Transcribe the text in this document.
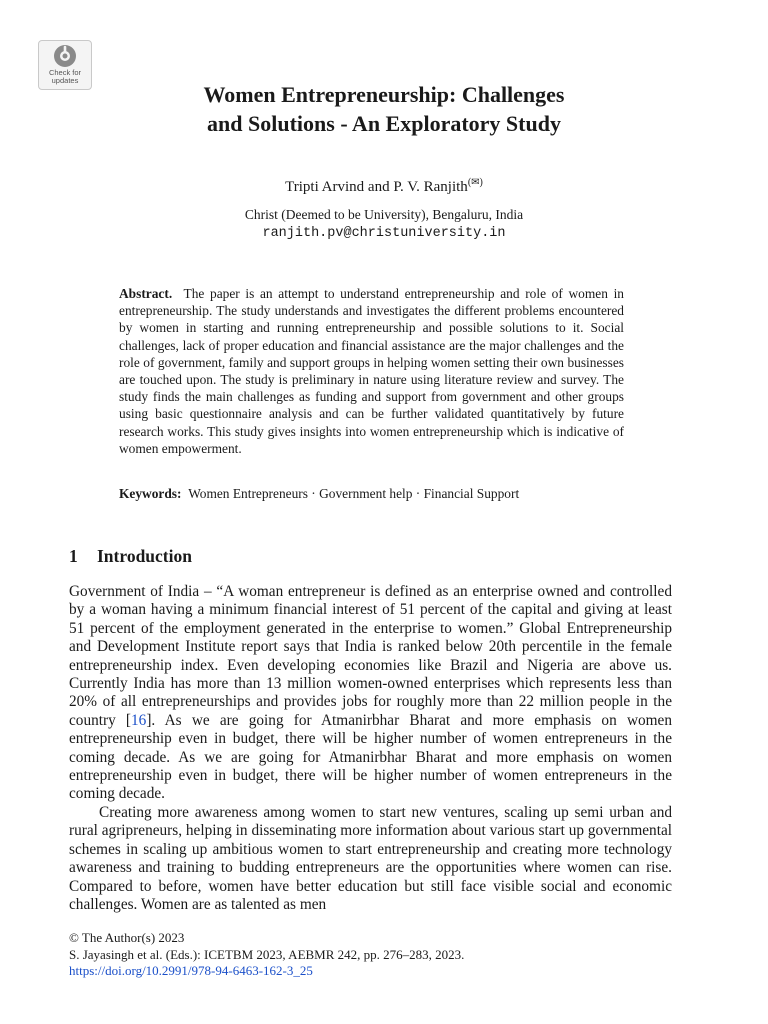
Check for
updates
Women Entrepreneurship: Challenges
and Solutions - An Exploratory Study
Tripti Arvind and P. V. Ranjith(✉)
Christ (Deemed to be University), Bengaluru, India
ranjith.pv@christuniversity.in

Abstract. The paper is an attempt to understand entrepreneurship and role of women in entrepreneurship. The study understands and investigates the different problems encountered by women in starting and running entrepreneurship and possible solutions to it. Social challenges, lack of proper education and financial assistance are the major challenges and the role of government, family and support groups in helping women setting their own businesses are touched upon. The study is preliminary in nature using literature review and survey. The study finds the main challenges as funding and support from government and other groups using basic questionnaire analysis and can be further validated quantitatively by future research works. This study gives insights into women entrepreneurship which is indicative of women empowerment.

Keywords: Women Entrepreneurs · Government help · Financial Support

1 Introduction

Government of India – “A woman entrepreneur is defined as an enterprise owned and controlled by a woman having a minimum financial interest of 51 percent of the capital and giving at least 51 percent of the employment generated in the enterprise to women.” Global Entrepreneurship and Development Institute report says that India is ranked below 20th percentile in the female entrepreneurship index. Even developing economies like Brazil and Nigeria are above us. Currently India has more than 13 million women-owned enterprises which represents less than 20% of all entrepreneurships and provides jobs for roughly more than 22 million people in the country [16]. As we are going for Atmanirbhar Bharat and more emphasis on women entrepreneurship even in budget, there will be higher number of women entrepreneurs in the coming decade. As we are going for Atmanirbhar Bharat and more emphasis on women entrepreneurship even in budget, there will be higher number of women entrepreneurs in the coming decade.

Creating more awareness among women to start new ventures, scaling up semi urban and rural agripreneurs, helping in disseminating more information about various start up governmental schemes in scaling up ambitious women to start entrepreneurship and creating more technology awareness and training to budding entrepreneurs are the opportunities where women can rise. Compared to before, women have better education but still face visible social and economic challenges. Women are as talented as men

© The Author(s) 2023
S. Jayasingh et al. (Eds.): ICETBM 2023, AEBMR 242, pp. 276–283, 2023.
https://doi.org/10.2991/978-94-6463-162-3_25
